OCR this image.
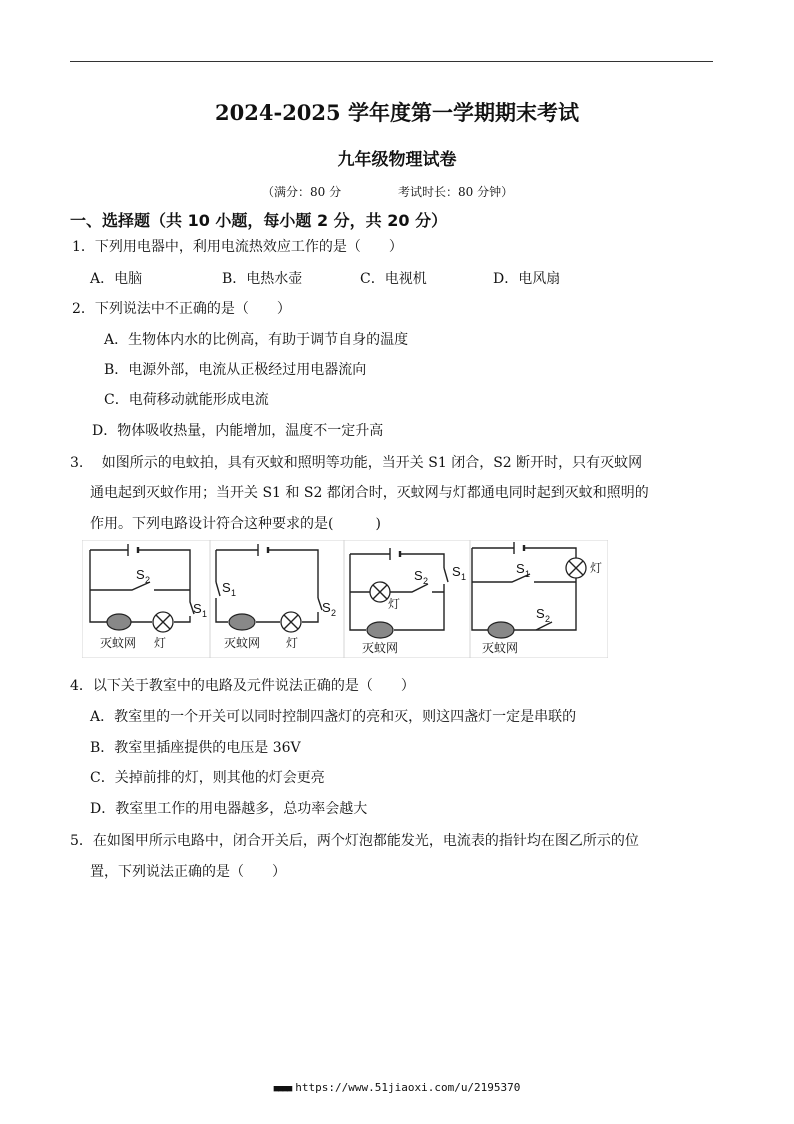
2024-2025 学年度第一学期期末考试
九年级物理试卷
（满分：80 分	考试时长：80 分钟）
一、选择题（共 10 小题，每小题 2 分，共 20 分）
1．下列用电器中，利用电流热效应工作的是（　　）
A．电脑	B．电热水壶	C．电视机	D．电风扇
2．下列说法中不正确的是（　　）
A．生物体内水的比例高，有助于调节自身的温度
B．电源外部，电流从正极经过用电器流向
C．电荷移动就能形成电流
D．物体吸收热量，内能增加，温度不一定升高
3.　 如图所示的电蚊拍，具有灭蚊和照明等功能，当开关 S1 闭合，S2 断开时，只有灭蚊网
通电起到灭蚊作用；当开关 S1 和 S2 都闭合时，灭蚊网与灯都通电同时起到灭蚊和照明的
作用。下列电路设计符合这种要求的是(　　　)
S 2
S 1
灭蚊网 灯
S 1
S 2
灭蚊网 灯
S 2
S 1
灯
灭蚊网
S 1
S 2
灯
灭蚊网
4．以下关于教室中的电路及元件说法正确的是（　　）
A．教室里的一个开关可以同时控制四盏灯的亮和灭，则这四盏灯一定是串联的
B．教室里插座提供的电压是 36V
C．关掉前排的灯，则其他的灯会更亮
D．教室里工作的用电器越多，总功率会越大
5．在如图甲所示电路中，闭合开关后，两个灯泡都能发光，电流表的指针均在图乙所示的位
置，下列说法正确的是（　　）
■■■■ https://www.51jiaoxi.com/u/2195370
